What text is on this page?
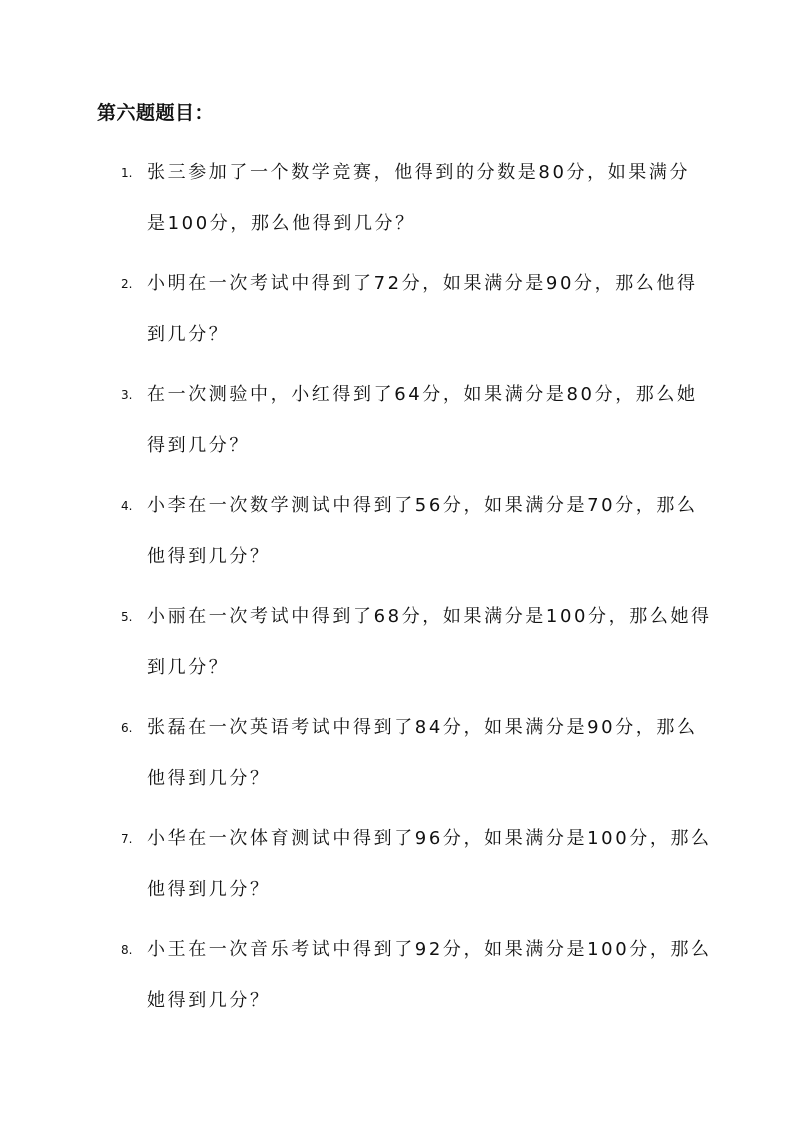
第六题题目：
1. 张三参加了一个数学竞赛，他得到的分数是80分，如果满分
是100分，那么他得到几分？
2. 小明在一次考试中得到了72分，如果满分是90分，那么他得
到几分？
3. 在一次测验中，小红得到了64分，如果满分是80分，那么她
得到几分？
4. 小李在一次数学测试中得到了56分，如果满分是70分，那么
他得到几分？
5. 小丽在一次考试中得到了68分，如果满分是100分，那么她得
到几分？
6. 张磊在一次英语考试中得到了84分，如果满分是90分，那么
他得到几分？
7. 小华在一次体育测试中得到了96分，如果满分是100分，那么
他得到几分？
8. 小王在一次音乐考试中得到了92分，如果满分是100分，那么
她得到几分？
